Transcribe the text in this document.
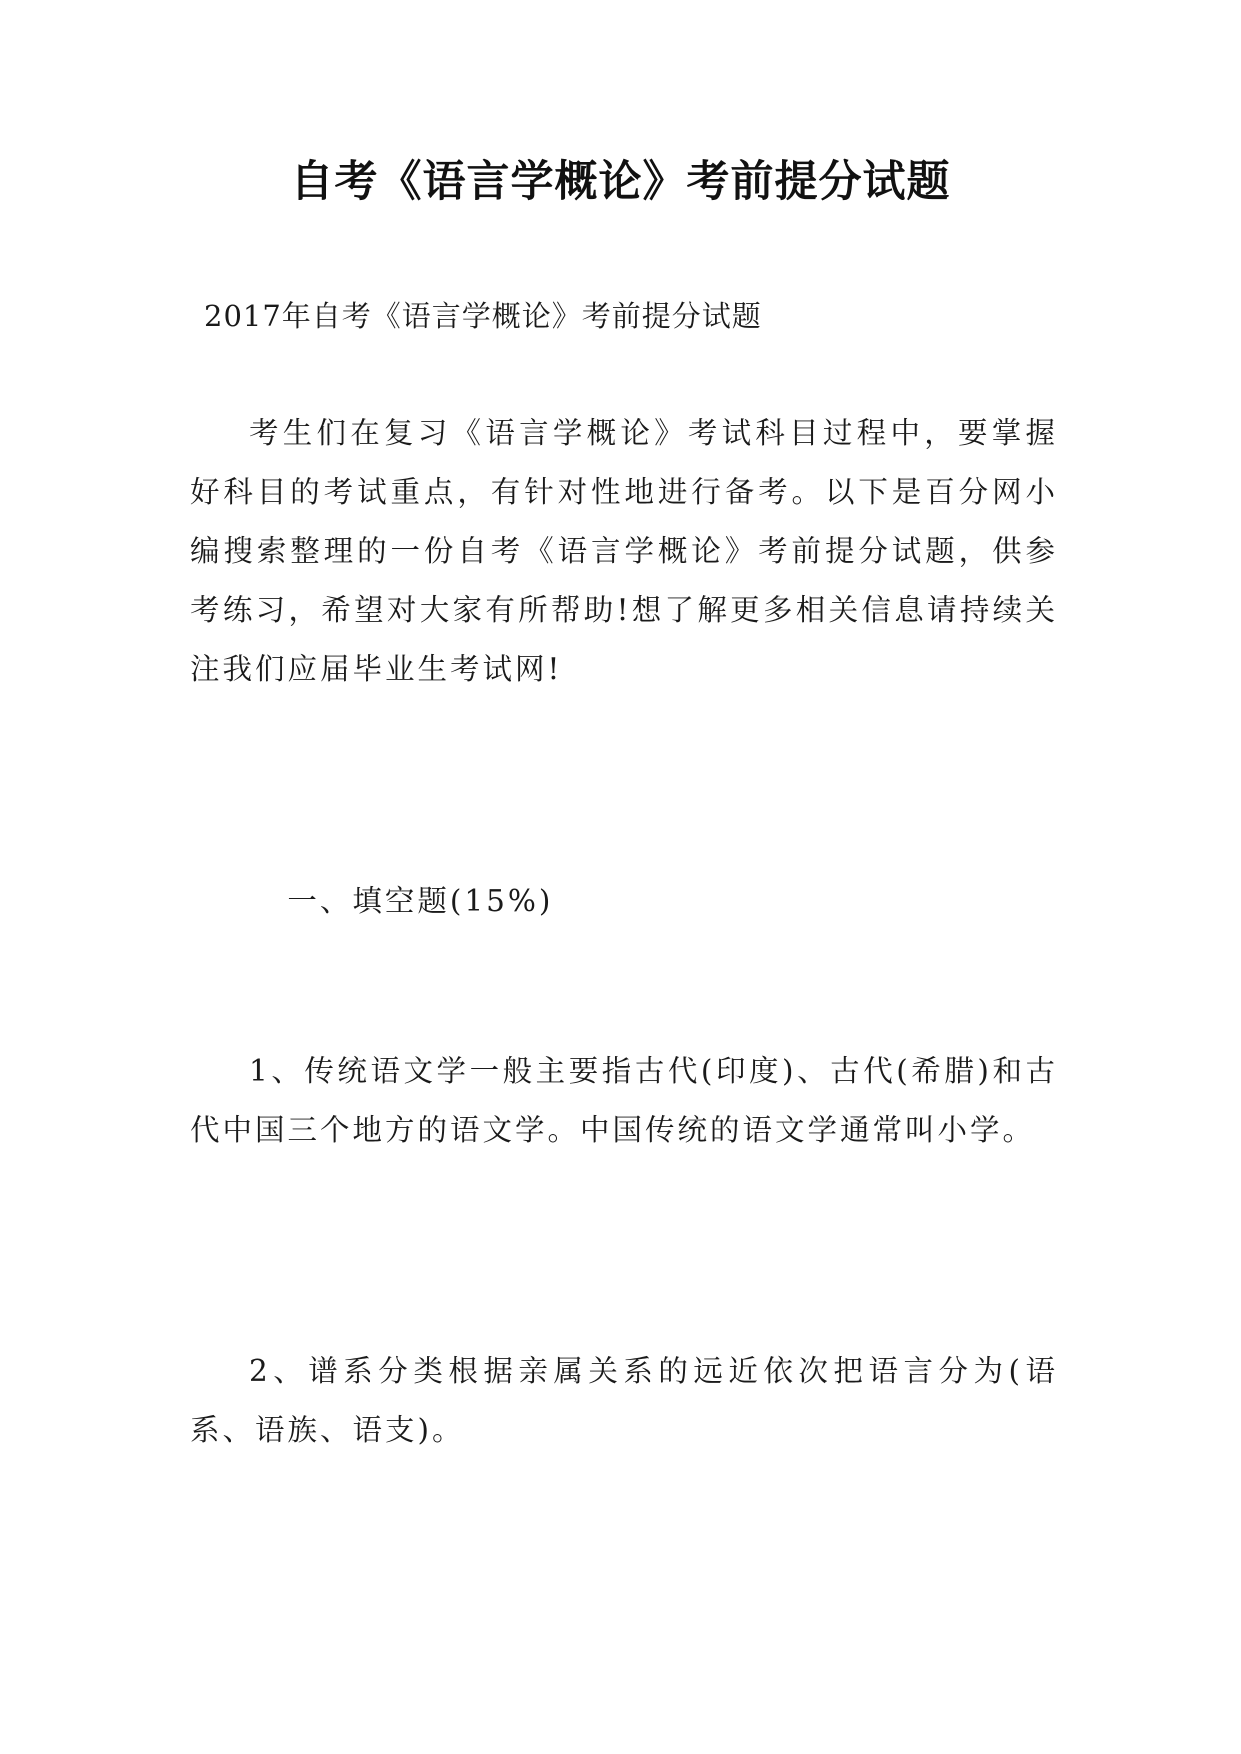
自考《语言学概论》考前提分试题
2017年自考《语言学概论》考前提分试题
考生们在复习《语言学概论》考试科目过程中，要掌握好科目的考试重点，有针对性地进行备考。以下是百分网小编搜索整理的一份自考《语言学概论》考前提分试题，供参考练习，希望对大家有所帮助!想了解更多相关信息请持续关注我们应届毕业生考试网!
一、填空题(15%)
1、传统语文学一般主要指古代(印度)、古代(希腊)和古代中国三个地方的语文学。中国传统的语文学通常叫小学。
2、谱系分类根据亲属关系的远近依次把语言分为(语系、语族、语支)。
